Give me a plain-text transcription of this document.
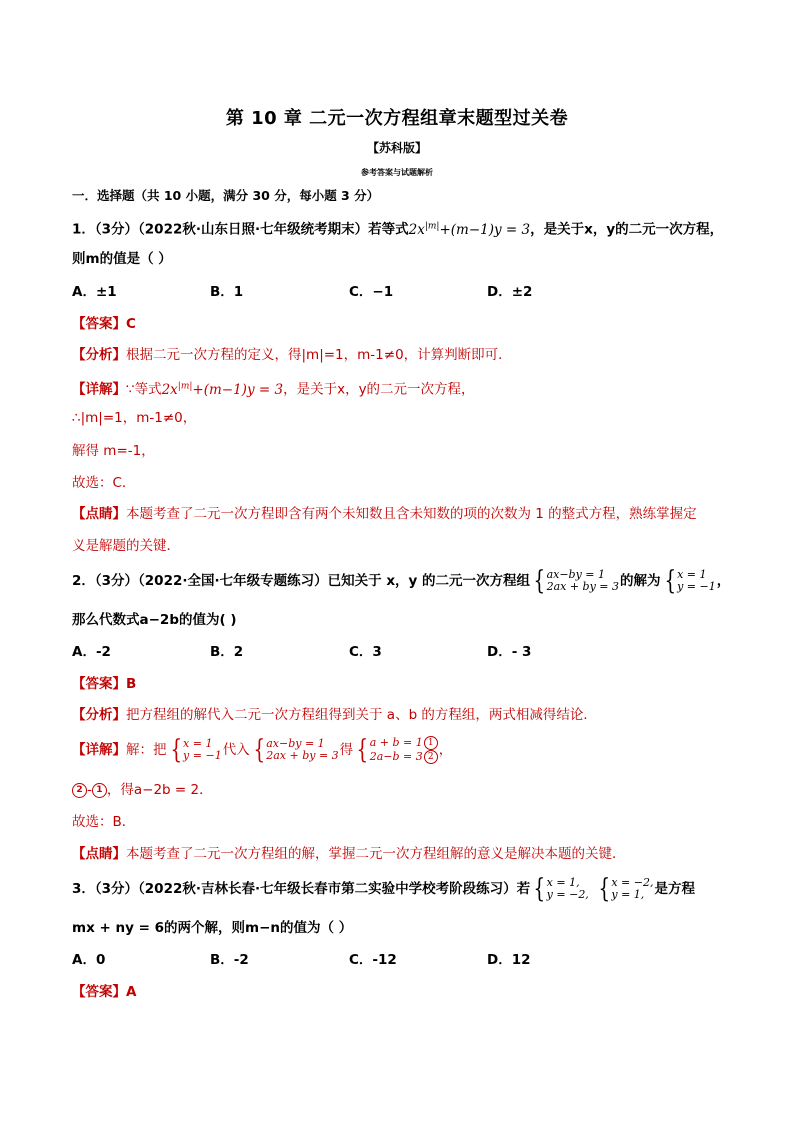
第 10 章 二元一次方程组章末题型过关卷
【苏科版】
参考答案与试题解析
一．选择题（共 10 小题，满分 30 分，每小题 3 分）
1．（3分）（2022秋·山东日照·七年级统考期末）若等式$2x^{|m|}+(m-1)y = 3$，是关于x，y的二元一次方程，
则m的值是（ ）
A．±1	B．1	C．−1	D．±2
【答案】C
【分析】根据二元一次方程的定义，得|m|=1，m-1≠0，计算判断即可．
【详解】∵等式$2x^{|m|}+(m-1)y = 3$，是关于x，y的二元一次方程，
∴|m|=1，m-1≠0，
解得 m=-1，
故选：C．
【点睛】本题考查了二元一次方程即含有两个未知数且含未知数的项的次数为 1 的整式方程，熟练掌握定
义是解题的关键．
2．（3分）（2022·全国·七年级专题练习）已知关于 x，y 的二元一次方程组 { ax−by = 1
2ax + by = 3 的解为 { x = 1
y = −1 ，
那么代数式a−2b的值为( )
A．-2	B．2	C．3	D．- 3
【答案】B
【分析】把方程组的解代入二元一次方程组得到关于 a、b 的方程组，两式相减得结论．
【详解】解：把 { x = 1
y = −1 代入 { ax−by = 1
2ax + by = 3 得 { a + b = 1 1
2a−b = 3 2 ，
2 - 1 ，得a−2b = 2．
故选：B．
【点睛】本题考查了二元一次方程组的解，掌握二元一次方程组解的意义是解决本题的关键．
3．（3分）（2022秋·吉林长春·七年级长春市第二实验中学校考阶段练习）若 { x = 1,
y = −2, { x = −2,
y = 1, 是方程
mx + ny = 6的两个解，则m−n的值为（ ）
A．0	B．-2	C．-12	D．12
【答案】A
